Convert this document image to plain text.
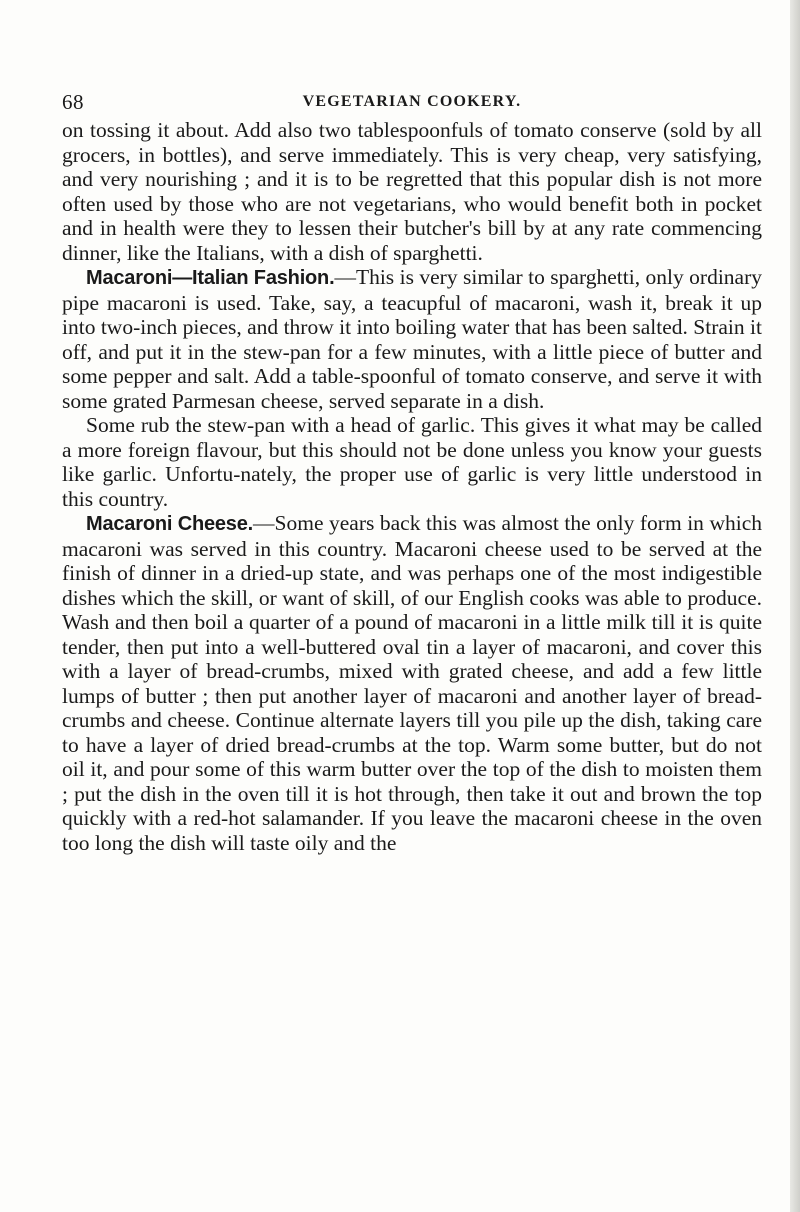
68	VEGETARIAN COOKERY.

on tossing it about. Add also two tablespoonfuls of tomato conserve (sold by all grocers, in bottles), and serve immediately. This is very cheap, very satisfying, and very nourishing ; and it is to be regretted that this popular dish is not more often used by those who are not vegetarians, who would benefit both in pocket and in health were they to lessen their butcher's bill by at any rate commencing dinner, like the Italians, with a dish of sparghetti.

Macaroni—Italian Fashion.—This is very similar to sparghetti, only ordinary pipe macaroni is used. Take, say, a teacupful of macaroni, wash it, break it up into two-inch pieces, and throw it into boiling water that has been salted. Strain it off, and put it in the stew-pan for a few minutes, with a little piece of butter and some pepper and salt. Add a table-spoonful of tomato conserve, and serve it with some grated Parmesan cheese, served separate in a dish.

Some rub the stew-pan with a head of garlic. This gives it what may be called a more foreign flavour, but this should not be done unless you know your guests like garlic. Unfortu-nately, the proper use of garlic is very little understood in this country.

Macaroni Cheese.—Some years back this was almost the only form in which macaroni was served in this country. Macaroni cheese used to be served at the finish of dinner in a dried-up state, and was perhaps one of the most indigestible dishes which the skill, or want of skill, of our English cooks was able to produce. Wash and then boil a quarter of a pound of macaroni in a little milk till it is quite tender, then put into a well-buttered oval tin a layer of macaroni, and cover this with a layer of bread-crumbs, mixed with grated cheese, and add a few little lumps of butter ; then put another layer of macaroni and another layer of bread-crumbs and cheese. Continue alternate layers till you pile up the dish, taking care to have a layer of dried bread-crumbs at the top. Warm some butter, but do not oil it, and pour some of this warm butter over the top of the dish to moisten them ; put the dish in the oven till it is hot through, then take it out and brown the top quickly with a red-hot salamander. If you leave the macaroni cheese in the oven too long the dish will taste oily and the
